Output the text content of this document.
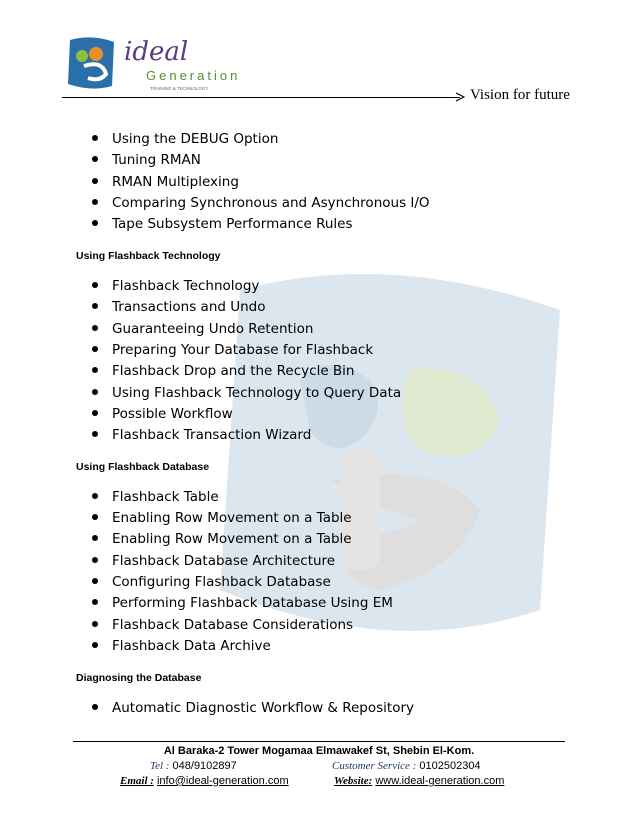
ideal
Generation
TRAINING & TECHNOLOGY	Vision for future
Using the DEBUG Option
Tuning RMAN
RMAN Multiplexing
Comparing Synchronous and Asynchronous I/O
Tape Subsystem Performance Rules
Using Flashback Technology
Flashback Technology
Transactions and Undo
Guaranteeing Undo Retention
Preparing Your Database for Flashback
Flashback Drop and the Recycle Bin
Using Flashback Technology to Query Data
Possible Workflow
Flashback Transaction Wizard
Using Flashback Database
Flashback Table
Enabling Row Movement on a Table
Enabling Row Movement on a Table
Flashback Database Architecture
Configuring Flashback Database
Performing Flashback Database Using EM
Flashback Database Considerations
Flashback Data Archive
Diagnosing the Database
Automatic Diagnostic Workflow & Repository
Al Baraka-2 Tower Mogamaa Elmawakef St, Shebin El-Kom.
Tel : 048/9102897	Customer Service : 0102502304
Email : info@ideal-generation.com	Website: www.ideal-generation.com
